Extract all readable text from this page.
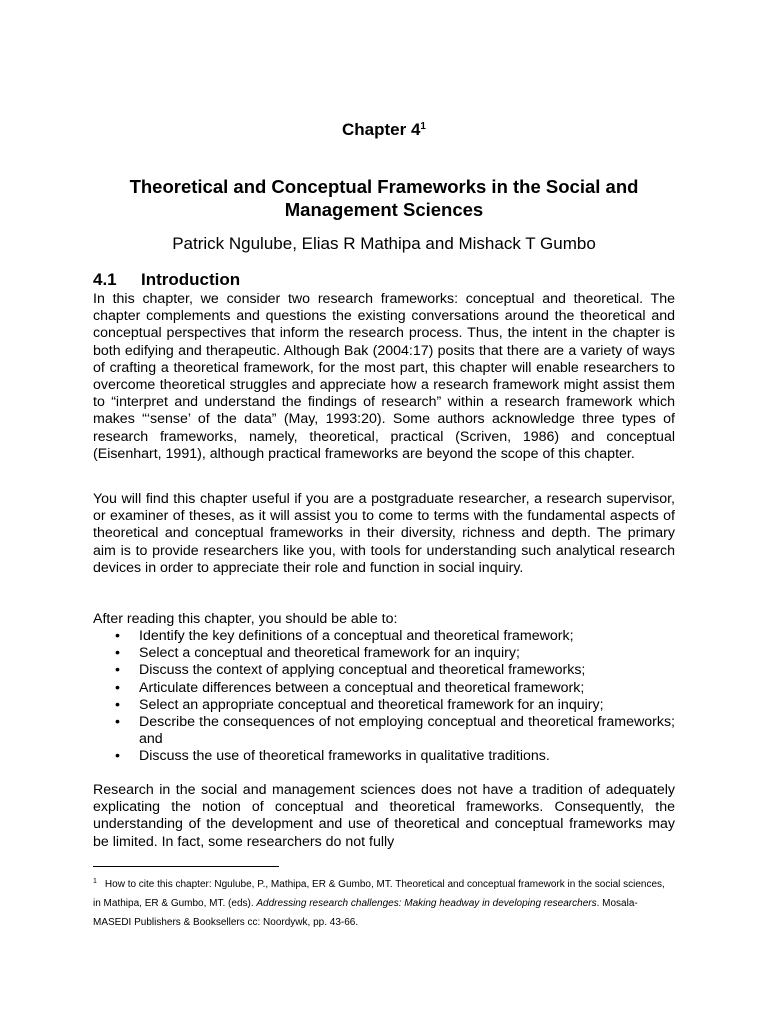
Chapter $4^1$
Theoretical and Conceptual Frameworks in the Social and Management Sciences
Patrick Ngulube, Elias R Mathipa and Mishack T Gumbo
4.1 Introduction

In this chapter, we consider two research frameworks: conceptual and theoretical. The chapter complements and questions the existing conversations around the theoretical and conceptual perspectives that inform the research process. Thus, the intent in the chapter is both edifying and therapeutic. Although Bak (2004:17) posits that there are a variety of ways of crafting a theoretical framework, for the most part, this chapter will enable researchers to overcome theoretical struggles and appreciate how a research framework might assist them to “interpret and understand the findings of research” within a research framework which makes “‘sense’ of the data” (May, 1993:20). Some authors acknowledge three types of research frameworks, namely, theoretical, practical (Scriven, 1986) and conceptual (Eisenhart, 1991), although practical frameworks are beyond the scope of this chapter.

You will find this chapter useful if you are a postgraduate researcher, a research supervisor, or examiner of theses, as it will assist you to come to terms with the fundamental aspects of theoretical and conceptual frameworks in their diversity, richness and depth. The primary aim is to provide researchers like you, with tools for understanding such analytical research devices in order to appreciate their role and function in social inquiry.

After reading this chapter, you should be able to:

• Identify the key definitions of a conceptual and theoretical framework;
• Select a conceptual and theoretical framework for an inquiry;
• Discuss the context of applying conceptual and theoretical frameworks;
• Articulate differences between a conceptual and theoretical framework;
• Select an appropriate conceptual and theoretical framework for an inquiry;
• Describe the consequences of not employing conceptual and theoretical frameworks; and
• Discuss the use of theoretical frameworks in qualitative traditions.

Research in the social and management sciences does not have a tradition of adequately explicating the notion of conceptual and theoretical frameworks. Consequently, the understanding of the development and use of theoretical and conceptual frameworks may be limited. In fact, some researchers do not fully

$^1$ How to cite this chapter: Ngulube, P., Mathipa, ER & Gumbo, MT. Theoretical and conceptual framework in the social sciences, in Mathipa, ER & Gumbo, MT. (eds). Addressing research challenges: Making headway in developing researchers. Mosala-MASEDI Publishers & Booksellers cc: Noordywk, pp. 43-66.
